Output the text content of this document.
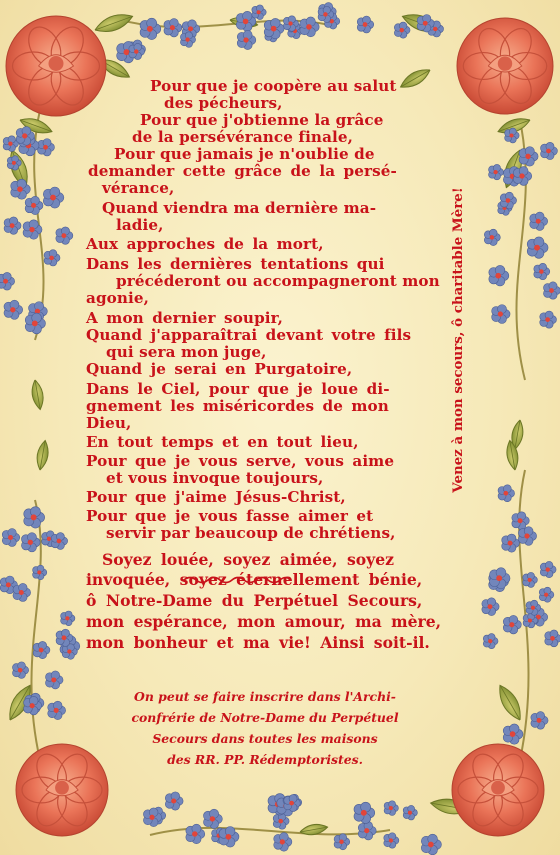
Pour que je coopère au salut
des pécheurs,
Pour que j'obtienne la grâce
de la persévérance finale,
Pour que jamais je n'oublie de
demander cette grâce de la persé-
vérance,
Quand viendra ma dernière ma-
ladie,
Aux approches de la mort,
Dans les dernières tentations qui
précéderont ou accompagneront mon
agonie,
A mon dernier soupir,
Quand j'apparaîtrai devant votre fils
qui sera mon juge,
Quand je serai en Purgatoire,
Dans le Ciel, pour que je loue di-
gnement les miséricordes de mon
Dieu,
En tout temps et en tout lieu,
Pour que je vous serve, vous aime
et vous invoque toujours,
Pour que j'aime Jésus-Christ,
Pour que je vous fasse aimer et
servir par beaucoup de chrétiens,
Soyez louée, soyez aimée, soyez
invoquée, soyez éternellement bénie,
ô Notre-Dame du Perpétuel Secours,
mon espérance, mon amour, ma mère,
mon bonheur et ma vie! Ainsi soit-il.
On peut se faire inscrire dans l'Archi-
confrérie de Notre-Dame du Perpétuel
Secours dans toutes les maisons
des RR. PP. Rédemptoristes.
Venez à mon secours, ô charitable Mère!
